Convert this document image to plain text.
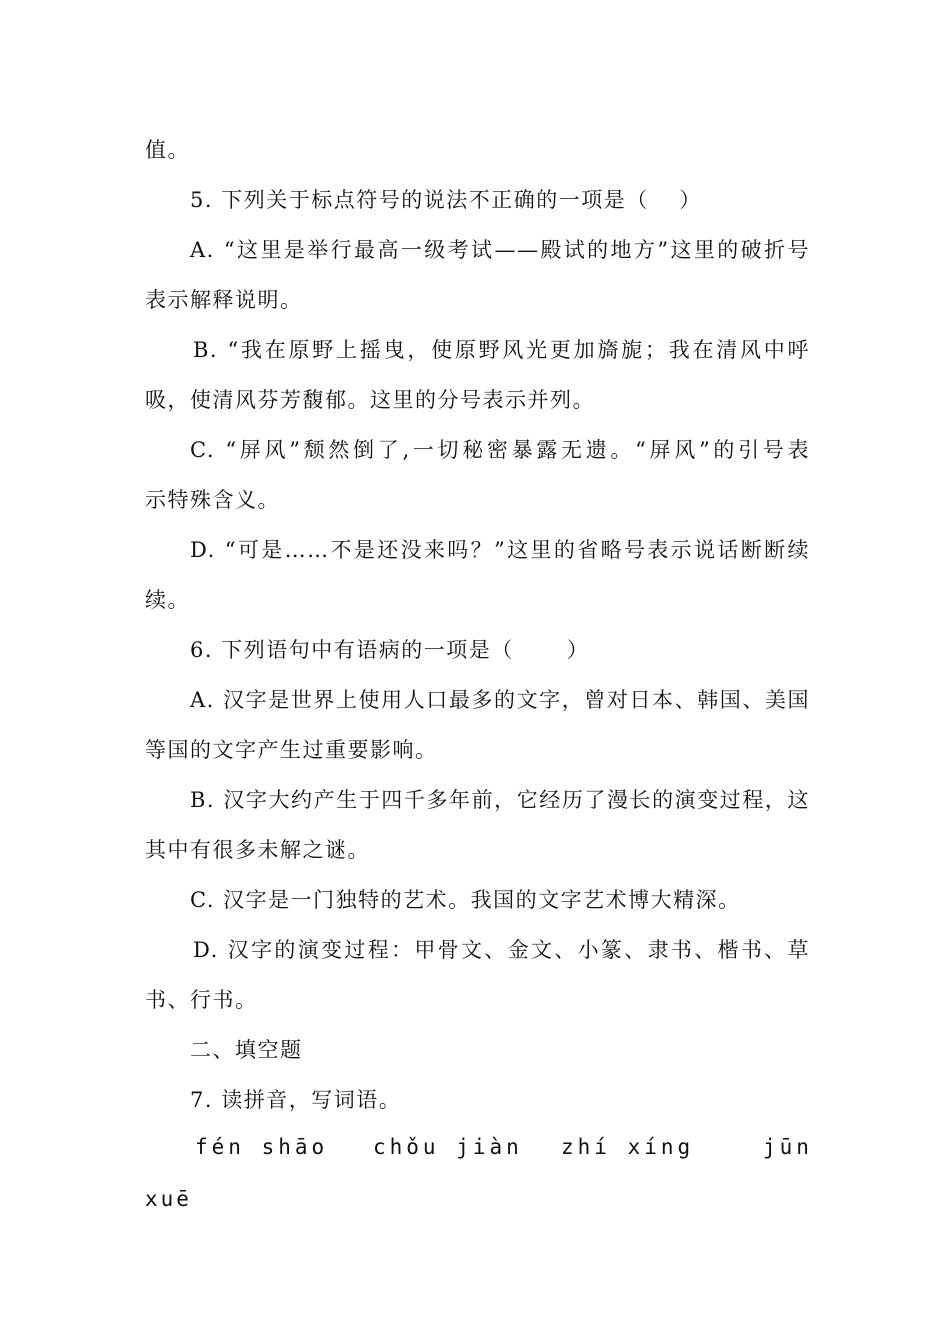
值。
5. 下列关于标点符号的说法不正确的一项是（　 ）
A. “这里是举行最高一级考试——殿试的地方”这里的破折号
表示解释说明。
B. “我在原野上摇曳，使原野风光更加旖旎；我在清风中呼
吸，使清风芬芳馥郁。这里的分号表示并列。
C. “屏风”颓然倒了,一切秘密暴露无遗。“屏风”的引号表
示特殊含义。
D. “可是……不是还没来吗？”这里的省略号表示说话断断续
续。
6. 下列语句中有语病的一项是（　　 ）
A. 汉字是世界上使用人口最多的文字，曾对日本、韩国、美国
等国的文字产生过重要影响。
B. 汉字大约产生于四千多年前，它经历了漫长的演变过程，这
其中有很多未解之谜。
C. 汉字是一门独特的艺术。我国的文字艺术博大精深。
D. 汉字的演变过程：甲骨文、金文、小篆、隶书、楷书、草
书、行书。
二、填空题
7. 读拼音，写词语。
fén shāo chǒu jiàn zhí xíng	jūn
xuē
